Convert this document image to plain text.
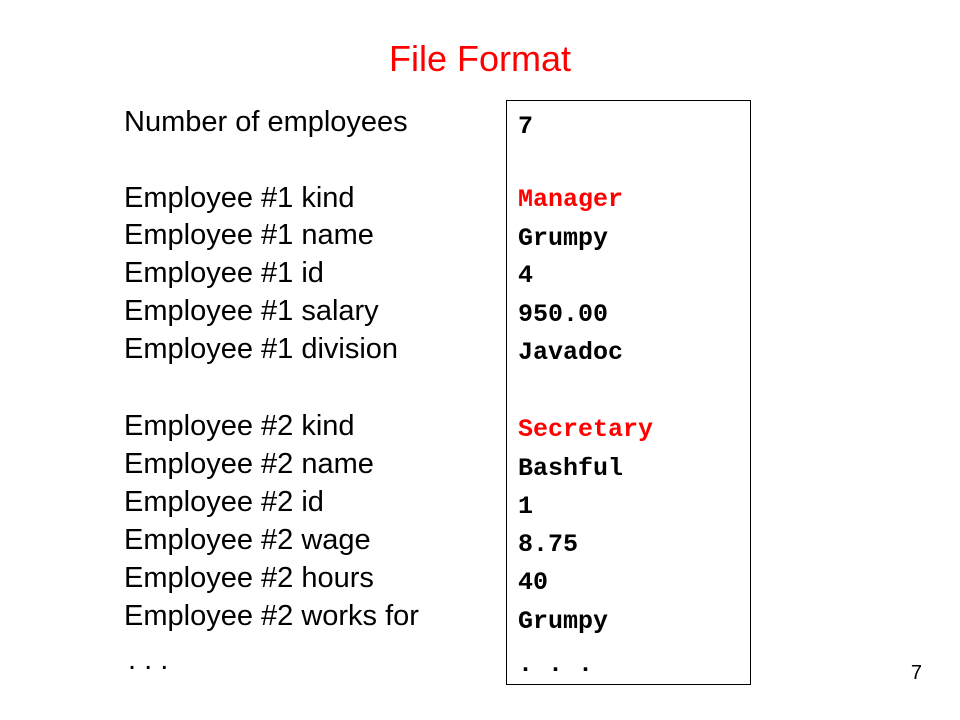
File Format
Number of employees
Employee #1 kind
Employee #1 name
Employee #1 id
Employee #1 salary
Employee #1 division
Employee #2 kind
Employee #2 name
Employee #2 id
Employee #2 wage
Employee #2 hours
Employee #2 works for
. . .
7
Manager
Grumpy
4
950.00
Javadoc
Secretary
Bashful
1
8.75
40
Grumpy
. . .	7
